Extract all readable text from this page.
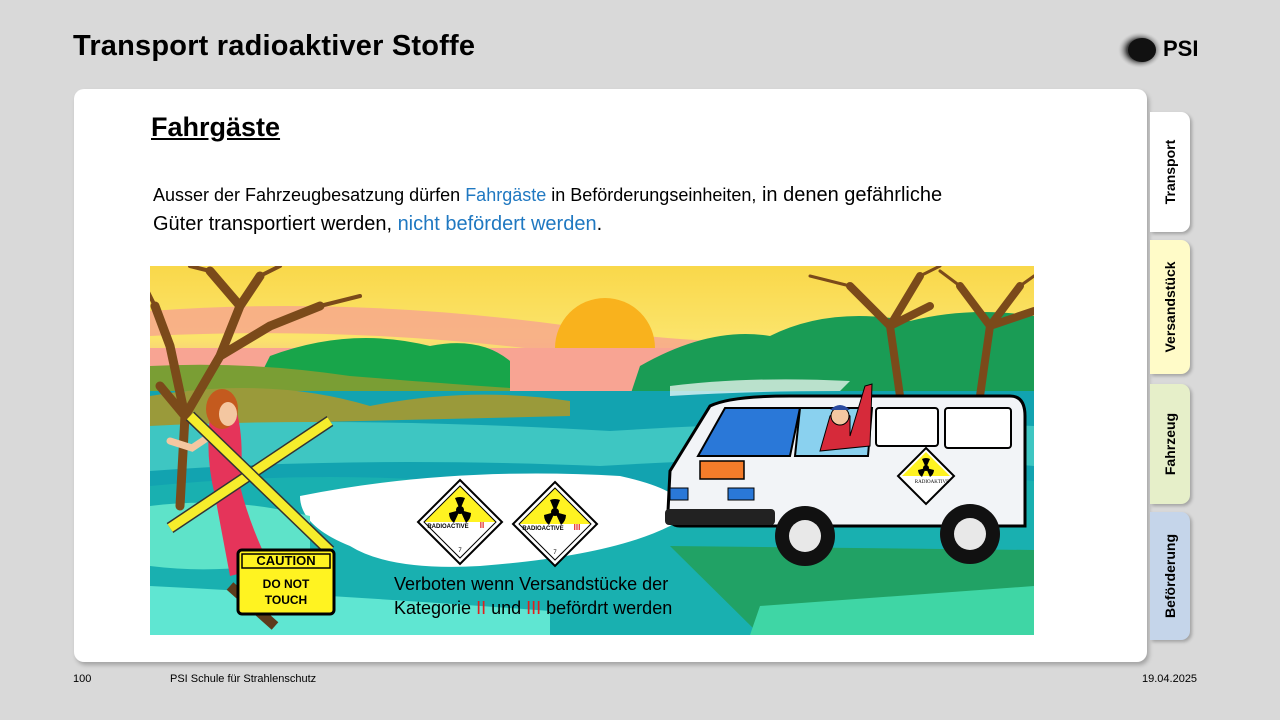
Transport radioaktiver Stoffe	PSI
Fahrgäste
Ausser der Fahrzeugbesatzung dürfen Fahrgäste in Beförderungseinheiten, in denen gefährliche Güter transportiert werden, nicht befördert werden.
CAUTION
DO NOT
TOUCH
RADIOACTIVE II
7
RADIOACTIVE III
7
RADIOAKTIVE
Verboten wenn Versandstücke der
Kategorie II und III befördrt werden
Transport
Versandstück
Fahrzeug
Beförderung
100	PSI Schule für Strahlenschutz	19.04.2025
